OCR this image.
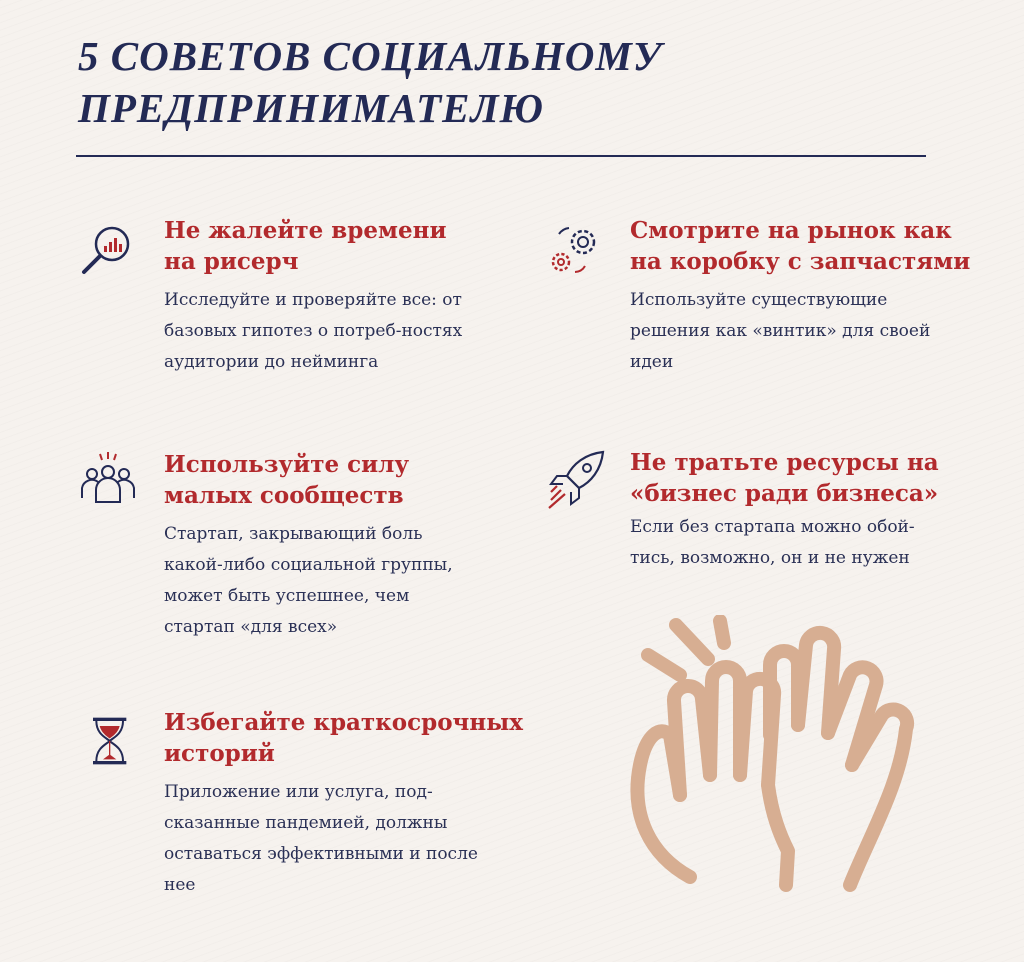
5 СОВЕТОВ СОЦИАЛЬНОМУ ПРЕДПРИНИМАТЕЛЮ
Не жалейте времени на рисерч

Исследуйте и проверяйте все: от базовых гипотез о потреб-ностях аудитории до нейминга

Смотрите на рынок как на коробку с запчастями

Используйте существующие решения как «винтик» для своей идеи

Используйте силу малых сообществ

Стартап, закрывающий боль какой-либо социальной группы, может быть успешнее, чем стартап «для всех»

Не тратьте ресурсы на «бизнес ради бизнеса»

Если без стартапа можно обой-тись, возможно, он и не нужен

Избегайте краткосрочных историй

Приложение или услуга, под-сказанные пандемией, должны оставаться эффективными и после нее
